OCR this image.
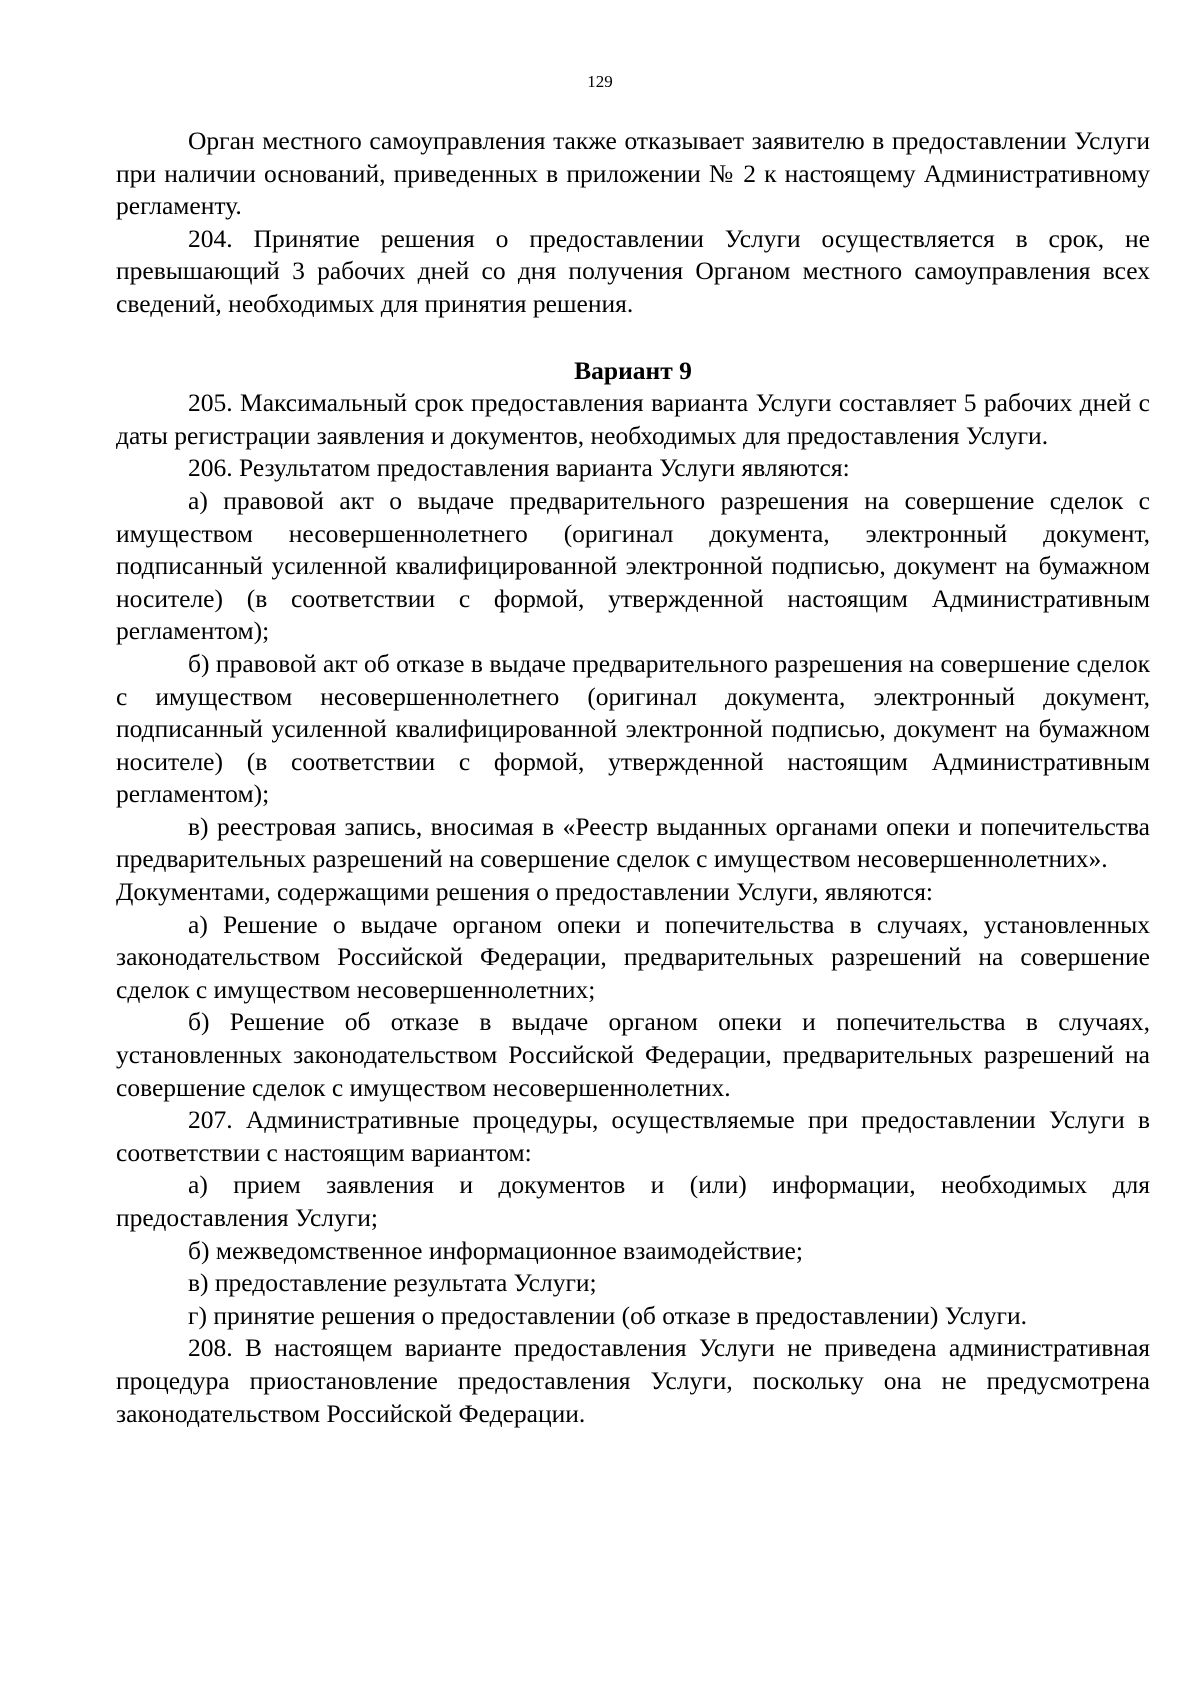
129

Орган местного самоуправления также отказывает заявителю в предоставлении Услуги при наличии оснований, приведенных в приложении № 2 к настоящему Административному регламенту.

204. Принятие решения о предоставлении Услуги осуществляется в срок, не превышающий 3 рабочих дней со дня получения Органом местного самоуправления всех сведений, необходимых для принятия решения.

Вариант 9

205. Максимальный срок предоставления варианта Услуги составляет 5 рабочих дней с даты регистрации заявления и документов, необходимых для предоставления Услуги.

206. Результатом предоставления варианта Услуги являются:

а) правовой акт о выдаче предварительного разрешения на совершение сделок с имуществом несовершеннолетнего (оригинал документа, электронный документ, подписанный усиленной квалифицированной электронной подписью, документ на бумажном носителе) (в соответствии с формой, утвержденной настоящим Административным регламентом);

б) правовой акт об отказе в выдаче предварительного разрешения на совершение сделок с имуществом несовершеннолетнего (оригинал документа, электронный документ, подписанный усиленной квалифицированной электронной подписью, документ на бумажном носителе) (в соответствии с формой, утвержденной настоящим Административным регламентом);

в) реестровая запись, вносимая в «Реестр выданных органами опеки и попечительства предварительных разрешений на совершение сделок с имуществом несовершеннолетних».

Документами, содержащими решения о предоставлении Услуги, являются:

а) Решение о выдаче органом опеки и попечительства в случаях, установленных законодательством Российской Федерации, предварительных разрешений на совершение сделок с имуществом несовершеннолетних;

б) Решение об отказе в выдаче органом опеки и попечительства в случаях, установленных законодательством Российской Федерации, предварительных разрешений на совершение сделок с имуществом несовершеннолетних.

207. Административные процедуры, осуществляемые при предоставлении Услуги в соответствии с настоящим вариантом:

а) прием заявления и документов и (или) информации, необходимых для предоставления Услуги;

б) межведомственное информационное взаимодействие;

в) предоставление результата Услуги;

г) принятие решения о предоставлении (об отказе в предоставлении) Услуги.

208. В настоящем варианте предоставления Услуги не приведена административная процедура приостановление предоставления Услуги, поскольку она не предусмотрена законодательством Российской Федерации.
